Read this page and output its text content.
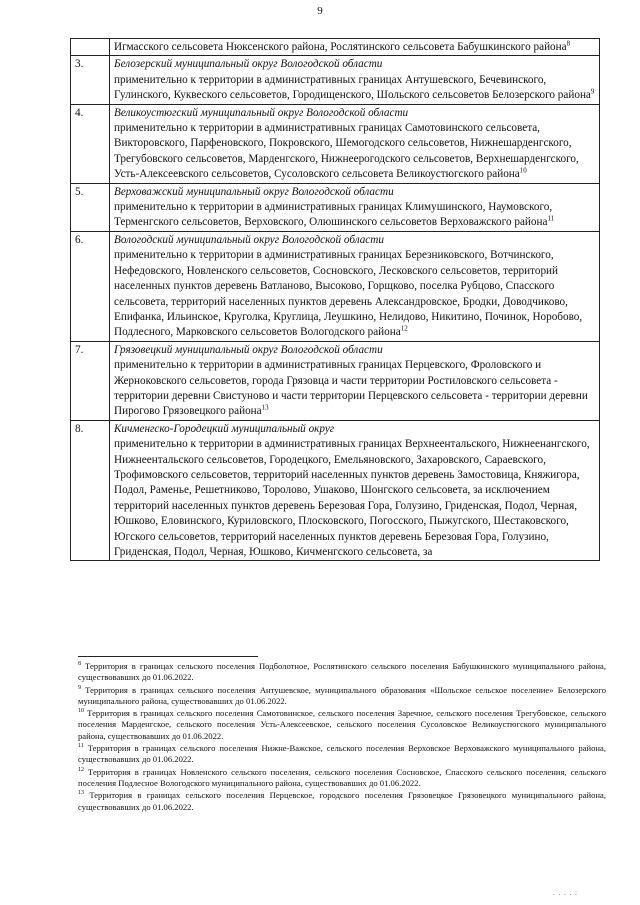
9

	Игмасского сельсовета Нюксенского района, Рослятинского сельсовета Бабушкинского района$^8$

3.	Белозерский муниципальный округ Вологодской области
применительно к территории в административных границах Антушевского, Бечевинского, Гулинского, Куквеского сельсоветов, Городищенского, Шольского сельсоветов Белозерского района$^9$

4.	Великоустюгский муниципальный округ Вологодской области
применительно к территории в административных границах Самотовинского сельсовета, Викторовского, Парфеновского, Покровского, Шемогодского сельсоветов, Нижнешарденгского, Трегубовского сельсоветов, Марденгского, Нижнеерогодского сельсоветов, Верхнешарденгского, Усть-Алексеевского сельсоветов, Сусоловского сельсовета Великоустюгского района$^{10}$

5.	Верховажский муниципальный округ Вологодской области
применительно к территории в административных границах Климушинского, Наумовского, Терменгского сельсоветов, Верховского, Олюшинского сельсоветов Верховажского района$^{11}$

6.	Вологодский муниципальный округ Вологодской области
применительно к территории в административных границах Березниковского, Вотчинского, Нефедовского, Новленского сельсоветов, Сосновского, Лесковского сельсоветов, территорий населенных пунктов деревень Ватланово, Высоково, Горщково, поселка Рубцово, Спасского сельсовета, территорий населенных пунктов деревень Александровское, Бродки, Доводчиково, Епифанка, Ильинское, Круголка, Круглица, Леушкино, Нелидово, Никитино, Починок, Норобово, Подлесного, Марковского сельсоветов Вологодского района$^{12}$

7.	Грязовецкий муниципальный округ Вологодской области
применительно к территории в административных границах Перцевского, Фроловского и Жерноковского сельсоветов, города Грязовца и части территории Ростиловского сельсовета - территории деревни Свистуново и части территории Перцевского сельсовета - территории деревни Пирогово Грязовецкого района$^{13}$

8.	Кичменгско-Городецкий муниципальный округ
применительно к территории в административных границах Верхнеентальского, Нижнеенангского, Нижнеентальского сельсоветов, Городецкого, Емельяновского, Захаровского, Сараевского, Трофимовского сельсоветов, территорий населенных пунктов деревень Замостовица, Княжигора, Подол, Раменье, Решетниково, Торолово, Ушаково, Шонгского сельсовета, за исключением территорий населенных пунктов деревень Березовая Гора, Голузино, Гриденская, Подол, Черная, Юшково, Еловинского, Куриловского, Плосковского, Погосского, Пыжугского, Шестаковского, Югского сельсоветов, территорий населенных пунктов деревень Березовая Гора, Голузино, Гриденская, Подол, Черная, Юшково, Кичменгского сельсовета, за
$^8$ Территория в границах сельского поселения Подболотное, Рослятинского сельского поселения Бабушкинского муниципального района, существовавших до 01.06.2022.
$^9$ Территория в границах сельского поселения Антушевское, муниципального образования «Шольское сельское поселение» Белозерского муниципального района, существовавших до 01.06.2022.
$^{10}$ Территория в границах сельского поселения Самотовинское, сельского поселения Заречное, сельского поселения Трегубовское, сельского поселения Марденгское, сельского поселения Усть-Алексеевское, сельского поселения Сусоловское Великоустюгского муниципального района, существовавших до 01.06.2022.
$^{11}$ Территория в границах сельского поселения Нижне-Важское, сельского поселения Верховское Верховажского муниципального района, существовавших до 01.06.2022.
$^{12}$ Территория в границах Новленского сельского поселения, сельского поселения Сосновское, Спасского сельского поселения, сельского поселения Подлесное Вологодского муниципального района, существовавших до 01.06.2022.
$^{13}$ Территория в границах сельского поселения Перцевское, городского поселения Грязовецкое Грязовецкого муниципального района, существовавших до 01.06.2022.
. . . . :
